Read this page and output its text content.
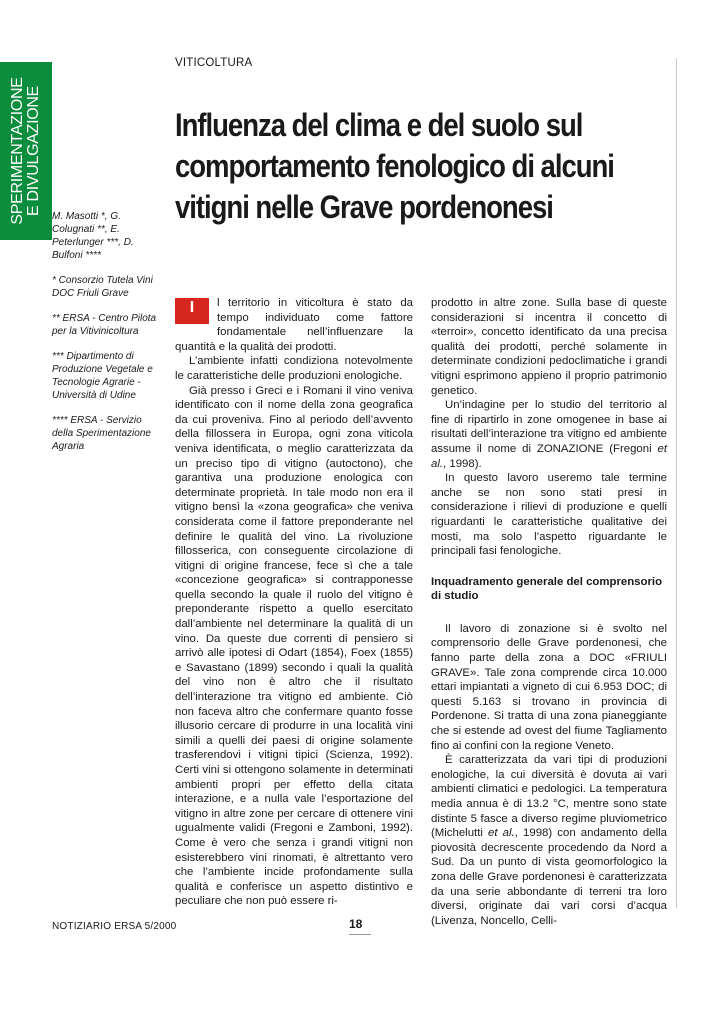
SPERIMENTAZIONE E DIVULGAZIONE
VITICOLTURA
Influenza del clima e del suolo sul comportamento fenologico di alcuni vitigni nelle Grave pordenonesi

M. Masotti *, G. Colugnati **, E. Peterlunger ***, D. Bulfoni ****

* Consorzio Tutela Vini DOC Friuli Grave

** ERSA - Centro Pilota per la Vitivinicoltura

*** Dipartimento di Produzione Vegetale e Tecnologie Agrarie - Università di Udine

**** ERSA - Servizio della Sperimentazione Agraria

I	l territorio in viticoltura è stato da tempo individuato come fattore fondamentale nell’influenzare la quantità e la qualità dei prodotti.

L’ambiente infatti condiziona notevolmente le caratteristiche delle produzioni enologiche.

Già presso i Greci e i Romani il vino veniva identificato con il nome della zona geografica da cui proveniva. Fino al periodo dell’avvento della fillossera in Europa, ogni zona viticola veniva identificata, o meglio caratterizzata da un preciso tipo di vitigno (autoctono), che garantiva una produzione enologica con determinate proprietà. In tale modo non era il vitigno bensì la «zona geografica» che veniva considerata come il fattore preponderante nel definire le qualità del vino. La rivoluzione fillosserica, con conseguente circolazione di vitigni di origine francese, fece sì che a tale «concezione geografica» si contrapponesse quella secondo la quale il ruolo del vitigno è preponderante rispetto a quello esercitato dall’ambiente nel determinare la qualità di un vino. Da queste due correnti di pensiero si arrivò alle ipotesi di Odart (1854), Foex (1855) e Savastano (1899) secondo i quali la qualità del vino non è altro che il risultato dell’interazione tra vitigno ed ambiente. Ciò non faceva altro che confermare quanto fosse illusorio cercare di produrre in una località vini simili a quelli dei paesi di origine solamente trasferendovi i vitigni tipici (Scienza, 1992). Certi vini si ottengono solamente in determinati ambienti propri per effetto della citata interazione, e a nulla vale l’esportazione del vitigno in altre zone per cercare di ottenere vini ugualmente validi (Fregoni e Zamboni, 1992). Come è vero che senza i grandi vitigni non esisterebbero vini rinomati, è altrettanto vero che l’ambiente incide profondamente sulla qualità e conferisce un aspetto distintivo e peculiare che non può essere ri-

prodotto in altre zone. Sulla base di queste considerazioni si incentra il concetto di «terroir», concetto identificato da una precisa qualità dei prodotti, perché solamente in determinate condizioni pedoclimatiche i grandi vitigni esprimono appieno il proprio patrimonio genetico.

Un’indagine per lo studio del territorio al fine di ripartirlo in zone omogenee in base ai risultati dell’interazione tra vitigno ed ambiente assume il nome di ZONAZIONE (Fregoni et al., 1998).

In questo lavoro useremo tale termine anche se non sono stati presi in considerazione i rilievi di produzione e quelli riguardanti le caratteristiche qualitative dei mosti, ma solo l’aspetto riguardante le principali fasi fenologiche.

Inquadramento generale del comprensorio di studio

Il lavoro di zonazione si è svolto nel comprensorio delle Grave pordenonesi, che fanno parte della zona a DOC «FRIULI GRAVE». Tale zona comprende circa 10.000 ettari impiantati a vigneto di cui 6.953 DOC; di questi 5.163 si trovano in provincia di Pordenone. Si tratta di una zona pianeggiante che si estende ad ovest del fiume Tagliamento fino ai confini con la regione Veneto.

È caratterizzata da vari tipi di produzioni enologiche, la cui diversità è dovuta ai vari ambienti climatici e pedologici. La temperatura media annua è di 13.2 °C, mentre sono state distinte 5 fasce a diverso regime pluviometrico (Michelutti et al., 1998) con andamento della piovosità decrescente procedendo da Nord a Sud. Da un punto di vista geomorfologico la zona delle Grave pordenonesi è caratterizzata da una serie abbondante di terreni tra loro diversi, originate dai vari corsi d’acqua (Livenza, Noncello, Celli-

NOTIZIARIO ERSA 5/2000	18
